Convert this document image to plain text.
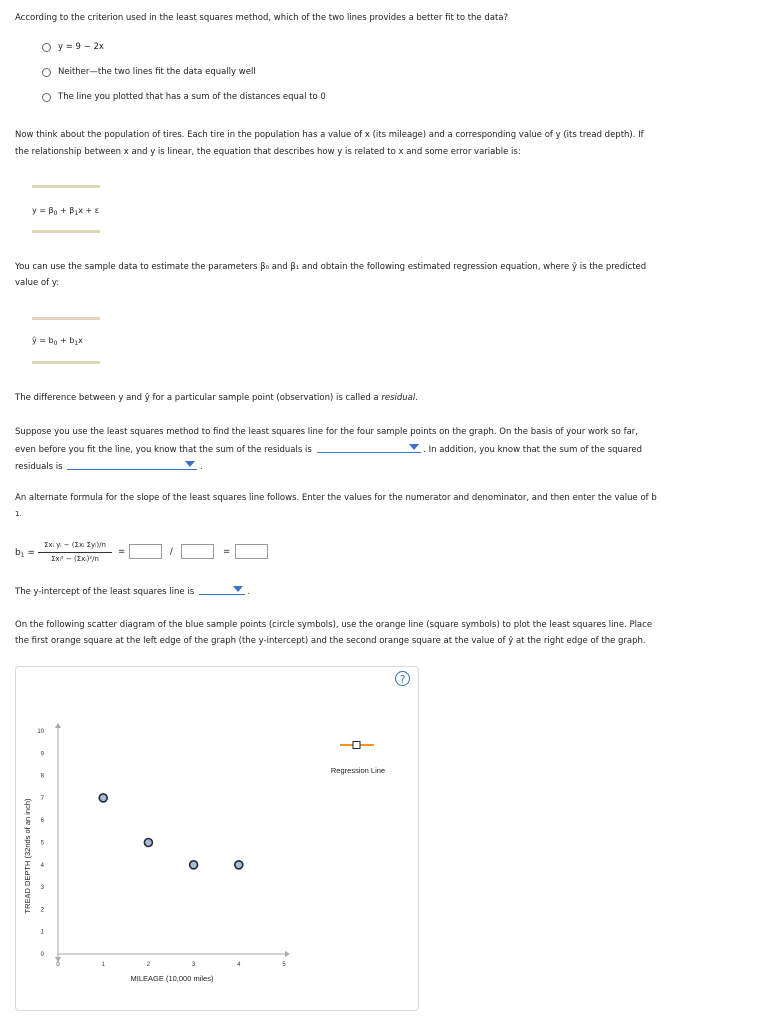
According to the criterion used in the least squares method, which of the two lines provides a better fit to the data?
y = 9 − 2x
Neither—the two lines fit the data equally well
The line you plotted that has a sum of the distances equal to 0
Now think about the population of tires. Each tire in the population has a value of x (its mileage) and a corresponding value of y (its tread depth). If
the relationship between x and y is linear, the equation that describes how y is related to x and some error variable is:
$y = \beta_0 + \beta_1x + \varepsilon$
You can use the sample data to estimate the parameters β₀ and β₁ and obtain the following estimated regression equation, where ŷ is the predicted
value of y:
ŷ = $b_0 + b_1x$
The difference between y and ŷ for a particular sample point (observation) is called a residual.
Suppose you use the least squares method to find the least squares line for the four sample points on the graph. On the basis of your work so far,
even before you fit the line, you know that the sum of the residuals is	. In addition, you know that the sum of the squared
residuals is	.
An alternate formula for the slope of the least squares line follows. Enter the values for the numerator and denominator, and then enter the value of b
1.
$b_1$ =
Σxᵢ yᵢ − (Σxᵢ Σyᵢ)/n
Σxᵢ² − (Σxᵢ)²/n
=	/	=
The y-intercept of the least squares line is	.
On the following scatter diagram of the blue sample points (circle symbols), use the orange line (square symbols) to plot the least squares line. Place
the first orange square at the left edge of the graph (the y-intercept) and the second orange square at the value of ŷ at the right edge of the graph.
?
0	1	2	3	4	5
0
1
2
3
4
5
6
7
8
9
10
Regression Line
MILEAGE (10,000 miles)
TREAD DEPTH (32nds of an inch)
